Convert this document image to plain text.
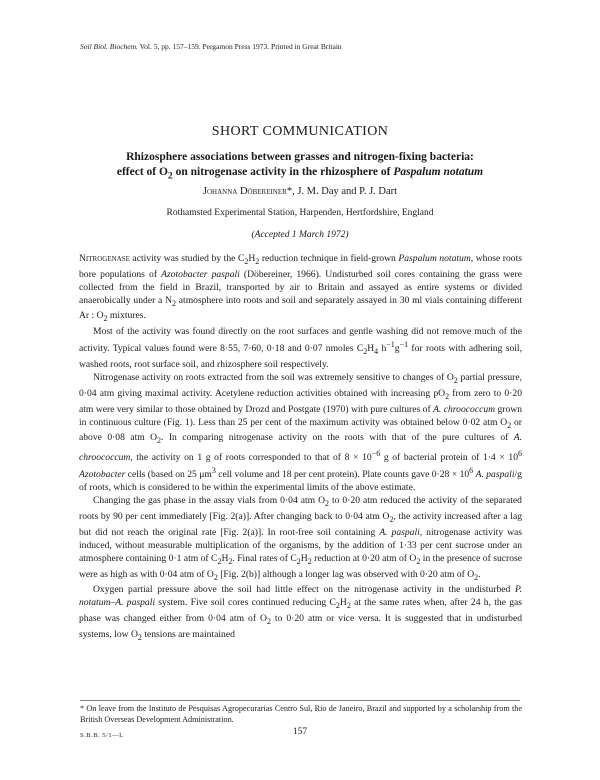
Soil Biol. Biochem. Vol. 5, pp. 157–159. Pergamon Press 1973. Printed in Great Britain
SHORT COMMUNICATION
Rhizosphere associations between grasses and nitrogen-fixing bacteria:
effect of $O_2$ on nitrogenase activity in the rhizosphere of Paspalum notatum
Johanna Döbereiner*, J. M. Day and P. J. Dart
Rothamsted Experimental Station, Harpenden, Hertfordshire, England
(Accepted 1 March 1972)

Nitrogenase activity was studied by the $C_2H_2$ reduction technique in field-grown Paspalum notatum, whose roots bore populations of Azotobacter paspali (Döbereiner, 1966). Undisturbed soil cores containing the grass were collected from the field in Brazil, transported by air to Britain and assayed as entire systems or divided anaerobically under a $N_2$ atmosphere into roots and soil and separately assayed in 30 ml vials containing different Ar : $O_2$ mixtures.

Most of the activity was found directly on the root surfaces and gentle washing did not remove much of the activity. Typical values found were 8·55, 7·60, 0·18 and 0·07 nmoles $C_2H_4$ $h^{-1}g^{-1}$ for roots with adhering soil, washed roots, root surface soil, and rhizosphere soil respectively.

Nitrogenase activity on roots extracted from the soil was extremely sensitive to changes of $O_2$ partial pressure, 0·04 atm giving maximal activity. Acetylene reduction activities obtained with increasing $pO_2$ from zero to 0·20 atm were very similar to those obtained by Drozd and Postgate (1970) with pure cultures of A. chroococcum grown in continuous culture (Fig. 1). Less than 25 per cent of the maximum activity was obtained below 0·02 atm $O_2$ or above 0·08 atm $O_2$. In comparing nitrogenase activity on the roots with that of the pure cultures of A. chroococcum, the activity on 1 g of roots corresponded to that of $8 \times 10^{-6}$ g of bacterial protein of $1\cdot 4 \times 10^6$ Azotobacter cells (based on 25 $\mu m^3$ cell volume and 18 per cent protein). Plate counts gave $0\cdot 28 \times 10^6$ A. paspali/g of roots, which is considered to be within the experimental limits of the above estimate.

Changing the gas phase in the assay vials from 0·04 atm $O_2$ to 0·20 atm reduced the activity of the separated roots by 90 per cent immediately [Fig. 2(a)]. After changing back to 0·04 atm $O_2$, the activity increased after a lag but did not reach the original rate [Fig. 2(a)]. In root-free soil containing A. paspali, nitrogenase activity was induced, without measurable multiplication of the organisms, by the addition of 1·33 per cent sucrose under an atmosphere containing 0·1 atm of $C_2H_2$. Final rates of $C_2H_2$ reduction at 0·20 atm of $O_2$ in the presence of sucrose were as high as with 0·04 atm of $O_2$ [Fig. 2(b)] although a longer lag was observed with 0·20 atm of $O_2$.

Oxygen partial pressure above the soil had little effect on the nitrogenase activity in the undisturbed P. notatum–A. paspali system. Five soil cores continued reducing $C_2H_2$ at the same rates when, after 24 h, the gas phase was changed either from 0·04 atm of $O_2$ to 0·20 atm or vice versa. It is suggested that in undisturbed systems, low $O_2$ tensions are maintained

* On leave from the Instituto de Pesquisas Agropecurarias Centro Sul, Rio de Janeiro, Brazil and supported by a scholarship from the British Overseas Development Administration.
S.B.B. 5/1—L	157
